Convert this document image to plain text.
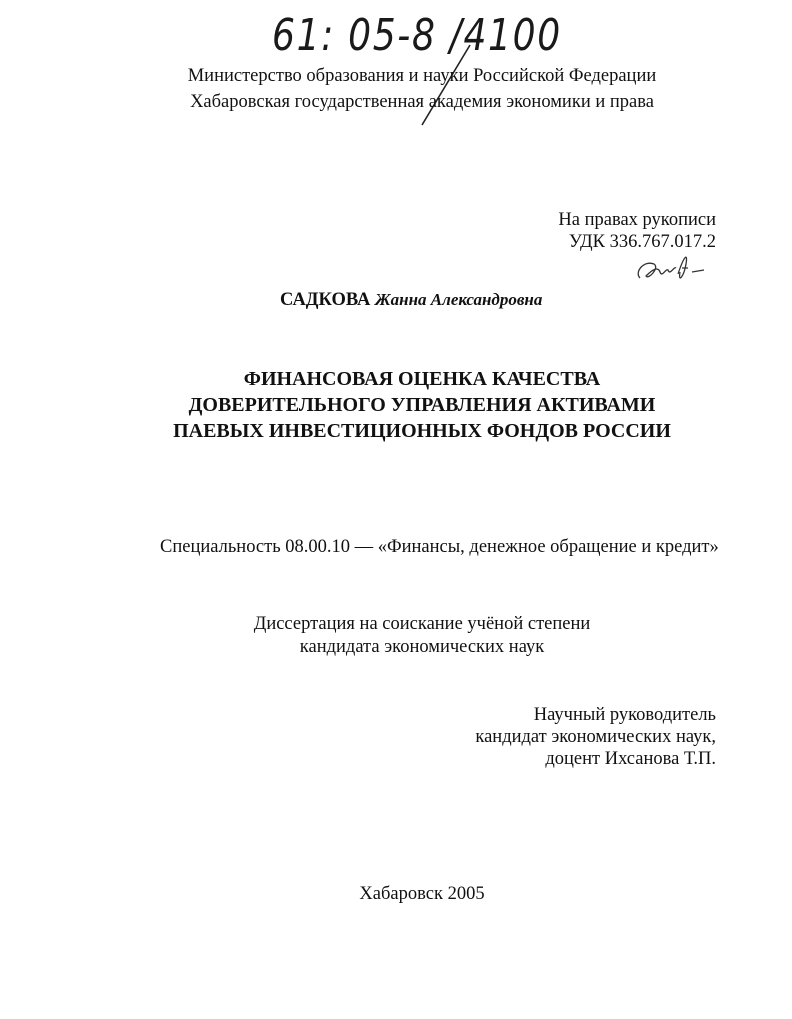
61: 05-8 /4100
Министерство образования и науки Российской Федерации
Хабаровская государственная академия экономики и права
На правах рукописи
УДК 336.767.017.2
САДКОВА Жанна Александровна
ФИНАНСОВАЯ ОЦЕНКА КАЧЕСТВА
ДОВЕРИТЕЛЬНОГО УПРАВЛЕНИЯ АКТИВАМИ
ПАЕВЫХ ИНВЕСТИЦИОННЫХ ФОНДОВ РОССИИ
Специальность 08.00.10 — «Финансы, денежное обращение и кредит»
Диссертация на соискание учёной степени
кандидата экономических наук
Научный руководитель
кандидат экономических наук,
доцент Ихсанова Т.П.
Хабаровск 2005
